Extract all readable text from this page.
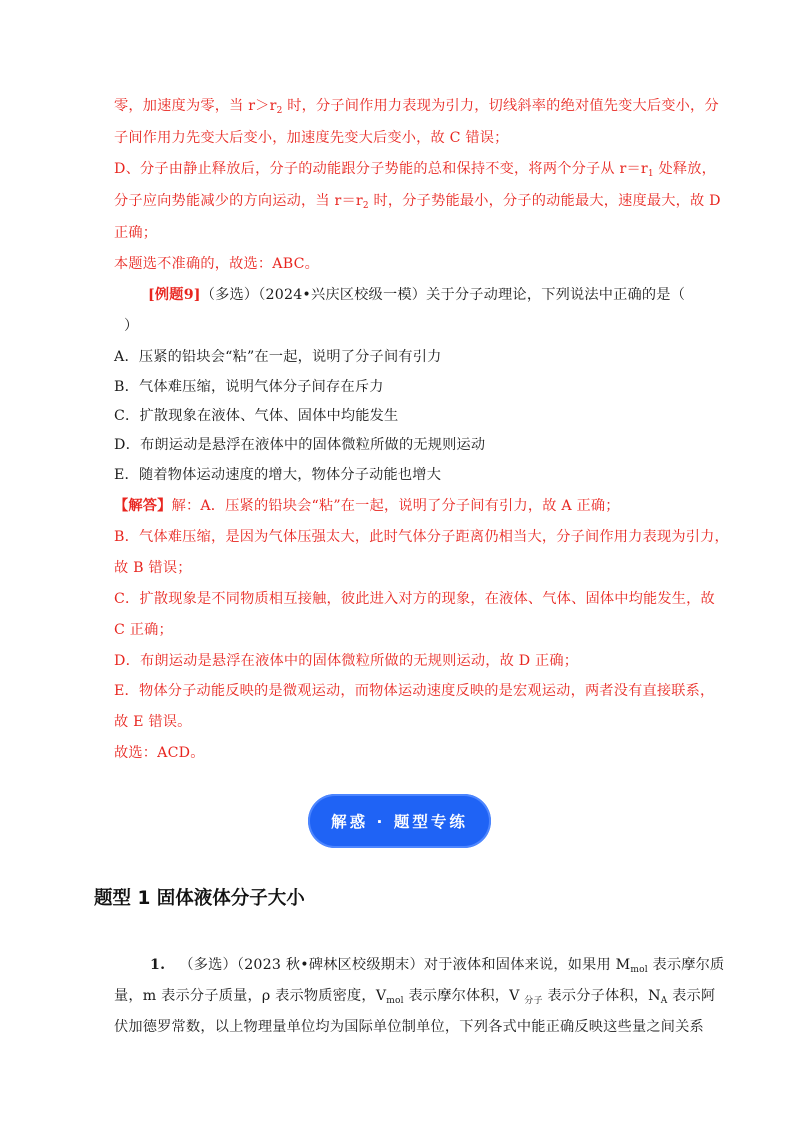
零，加速度为零，当 $r>r_2$ 时，分子间作用力表现为引力，切线斜率的绝对值先变大后变小，分
子间作用力先变大后变小，加速度先变大后变小，故 C 错误；
D、分子由静止释放后，分子的动能跟分子势能的总和保持不变，将两个分子从 $r=r_1$ 处释放，
分子应向势能减少的方向运动，当 $r=r_2$ 时，分子势能最小，分子的动能最大，速度最大，故 D
正确；
本题选不准确的，故选：ABC。
[例题9]（多选）（2024•兴庆区校级一模）关于分子动理论，下列说法中正确的是（
）
A．压紧的铅块会“粘”在一起，说明了分子间有引力
B．气体难压缩，说明气体分子间存在斥力
C．扩散现象在液体、气体、固体中均能发生
D．布朗运动是悬浮在液体中的固体微粒所做的无规则运动
E．随着物体运动速度的增大，物体分子动能也增大
【解答】解：A．压紧的铅块会“粘”在一起，说明了分子间有引力，故 A 正确；
B．气体难压缩，是因为气体压强太大，此时气体分子距离仍相当大，分子间作用力表现为引力，
故 B 错误；
C．扩散现象是不同物质相互接触，彼此进入对方的现象，在液体、气体、固体中均能发生，故
C 正确；
D．布朗运动是悬浮在液体中的固体微粒所做的无规则运动，故 D 正确；
E．物体分子动能反映的是微观运动，而物体运动速度反映的是宏观运动，两者没有直接联系，
故 E 错误。
故选：ACD。
解惑 · 题型专练
题型 1 固体液体分子大小
1. （多选）（2023 秋•碑林区校级期末）对于液体和固体来说，如果用 $M_{mol}$ 表示摩尔质
量，m 表示分子质量，ρ 表示物质密度，$V_{mol}$ 表示摩尔体积，V $_{分子}$ 表示分子体积，$N_A$ 表示阿
伏加德罗常数，以上物理量单位均为国际单位制单位，下列各式中能正确反映这些量之间关系
